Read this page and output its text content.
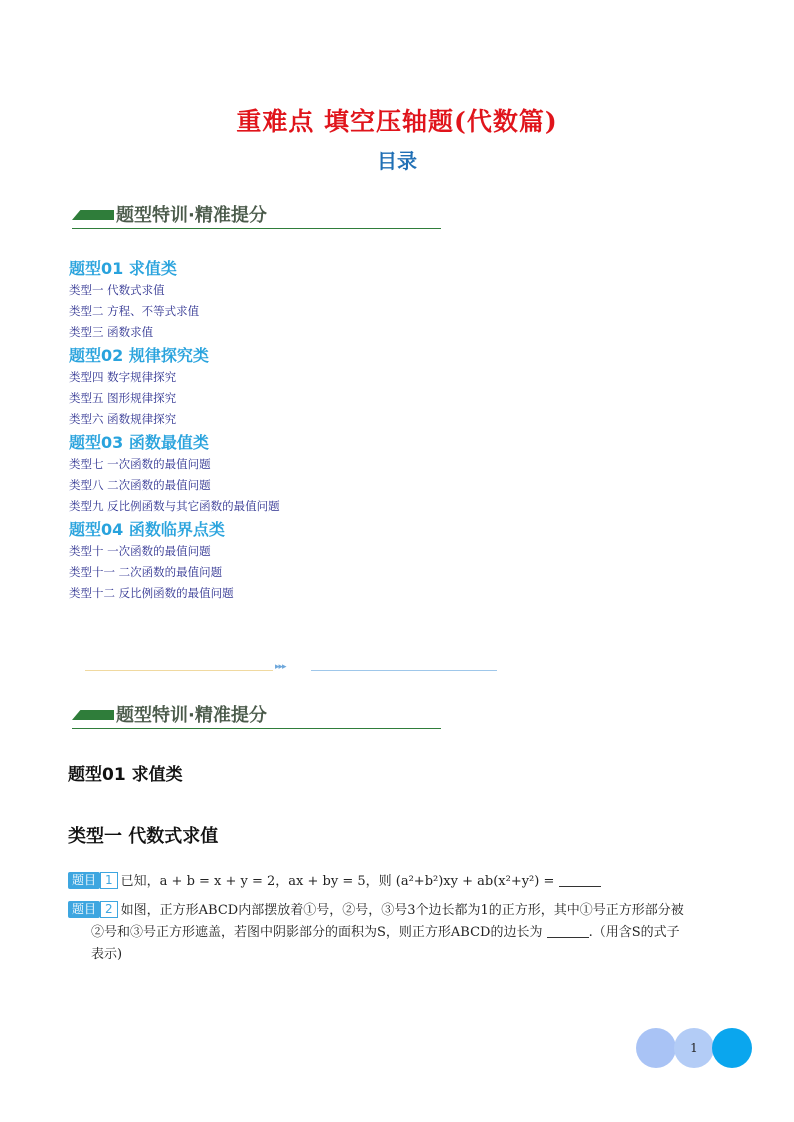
重难点 填空压轴题(代数篇)
目录
题型特训·精准提分
题型01 求值类
类型一 代数式求值
类型二 方程、不等式求值
类型三 函数求值
题型02 规律探究类
类型四 数字规律探究
类型五 图形规律探究
类型六 函数规律探究
题型03 函数最值类
类型七 一次函数的最值问题
类型八 二次函数的最值问题
类型九 反比例函数与其它函数的最值问题
题型04 函数临界点类
类型十 一次函数的最值问题
类型十一 二次函数的最值问题
类型十二 反比例函数的最值问题
▸▸▸
题型特训·精准提分
题型01 求值类
类型一 代数式求值
题目 1 已知，a + b = x + y = 2，ax + by = 5，则 (a²+b²)xy + ab(x²+y²) =
题目 2 如图，正方形ABCD内部摆放着①号，②号，③号3个边长都为1的正方形，其中①号正方形部分被
②号和③号正方形遮盖，若图中阴影部分的面积为S，则正方形ABCD的边长为	.（用含S的式子
表示)
1
